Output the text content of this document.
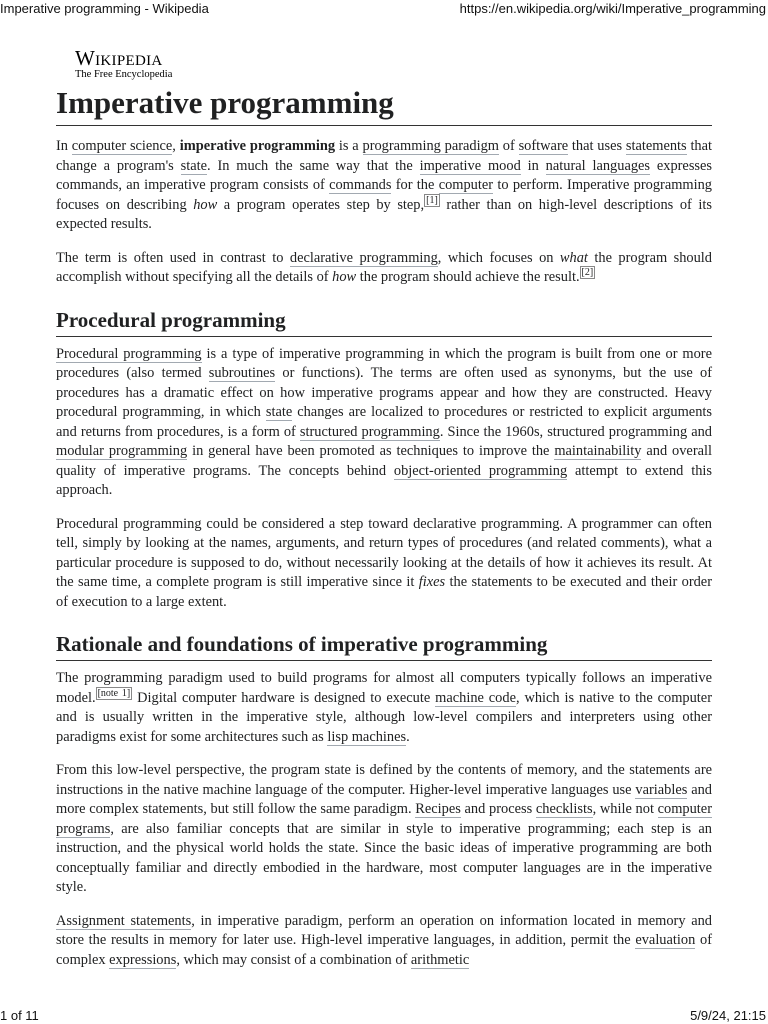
Imperative programming - Wikipedia	https://en.wikipedia.org/wiki/Imperative_programming
Wikipedia
The Free Encyclopedia
Imperative programming

In computer science, imperative programming is a programming paradigm of software that uses statements that change a program's state. In much the same way that the imperative mood in natural languages expresses commands, an imperative program consists of commands for the computer to perform. Imperative programming focuses on describing how a program operates step by step, [1] rather than on high-level descriptions of its expected results.

The term is often used in contrast to declarative programming, which focuses on what the program should accomplish without specifying all the details of how the program should achieve the result. [2]

Procedural programming

Procedural programming is a type of imperative programming in which the program is built from one or more procedures (also termed subroutines or functions). The terms are often used as synonyms, but the use of procedures has a dramatic effect on how imperative programs appear and how they are constructed. Heavy procedural programming, in which state changes are localized to procedures or restricted to explicit arguments and returns from procedures, is a form of structured programming. Since the 1960s, structured programming and modular programming in general have been promoted as techniques to improve the maintainability and overall quality of imperative programs. The concepts behind object-oriented programming attempt to extend this approach.

Procedural programming could be considered a step toward declarative programming. A programmer can often tell, simply by looking at the names, arguments, and return types of procedures (and related comments), what a particular procedure is supposed to do, without necessarily looking at the details of how it achieves its result. At the same time, a complete program is still imperative since it fixes the statements to be executed and their order of execution to a large extent.

Rationale and foundations of imperative programming

The programming paradigm used to build programs for almost all computers typically follows an imperative model. [note 1] Digital computer hardware is designed to execute machine code, which is native to the computer and is usually written in the imperative style, although low-level compilers and interpreters using other paradigms exist for some architectures such as lisp machines.

From this low-level perspective, the program state is defined by the contents of memory, and the statements are instructions in the native machine language of the computer. Higher-level imperative languages use variables and more complex statements, but still follow the same paradigm. Recipes and process checklists, while not computer programs, are also familiar concepts that are similar in style to imperative programming; each step is an instruction, and the physical world holds the state. Since the basic ideas of imperative programming are both conceptually familiar and directly embodied in the hardware, most computer languages are in the imperative style.

Assignment statements, in imperative paradigm, perform an operation on information located in memory and store the results in memory for later use. High-level imperative languages, in addition, permit the evaluation of complex expressions, which may consist of a combination of arithmetic

1 of 11	5/9/24, 21:15
